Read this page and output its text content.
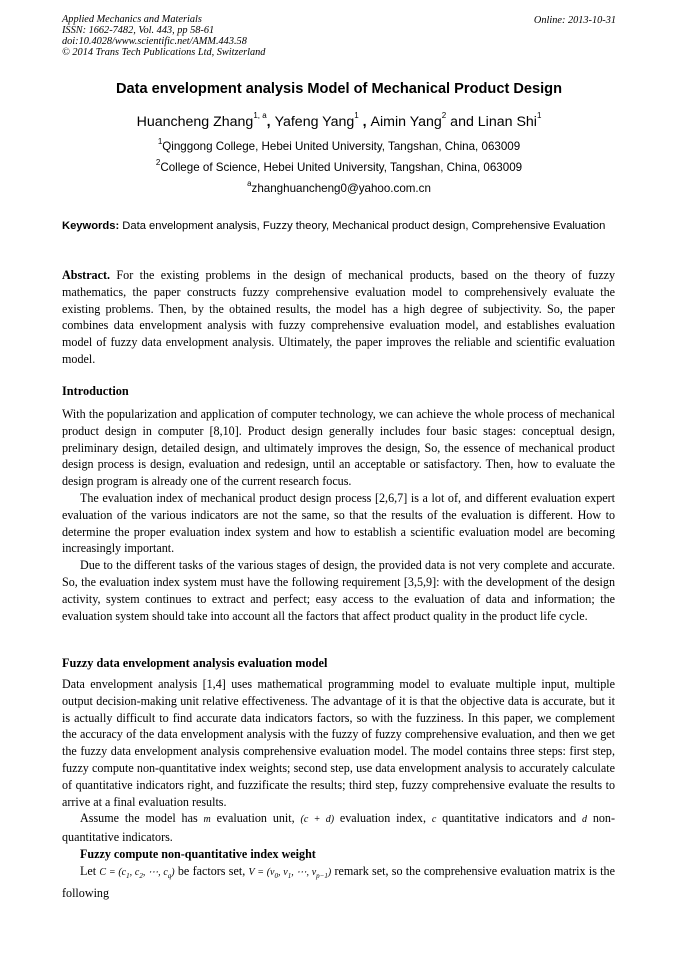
Applied Mechanics and Materials
ISSN: 1662-7482, Vol. 443, pp 58-61
doi:10.4028/www.scientific.net/AMM.443.58
© 2014 Trans Tech Publications Ltd, Switzerland
Online: 2013-10-31
Data envelopment analysis Model of Mechanical Product Design
Huancheng Zhang$^{1, a}$, Yafeng Yang$^1$ , Aimin Yang$^2$ and Linan Shi$^1$
$^1$Qinggong College, Hebei United University, Tangshan, China, 063009
$^2$College of Science, Hebei United University, Tangshan, China, 063009
$^a$zhanghuancheng0@yahoo.com.cn
Keywords: Data envelopment analysis, Fuzzy theory, Mechanical product design, Comprehensive Evaluation

Abstract. For the existing problems in the design of mechanical products, based on the theory of fuzzy mathematics, the paper constructs fuzzy comprehensive evaluation model to comprehensively evaluate the existing problems. Then, by the obtained results, the model has a high degree of subjectivity. So, the paper combines data envelopment analysis with fuzzy comprehensive evaluation model, and establishes evaluation model of fuzzy data envelopment analysis. Ultimately, the paper improves the reliable and scientific evaluation model.

Introduction

With the popularization and application of computer technology, we can achieve the whole process of mechanical product design in computer [8,10]. Product design generally includes four basic stages: conceptual design, preliminary design, detailed design, and ultimately improves the design, So, the essence of mechanical product design process is design, evaluation and redesign, until an acceptable or satisfactory. Then, how to evaluate the design program is already one of the current research focus.

The evaluation index of mechanical product design process [2,6,7] is a lot of, and different evaluation expert evaluation of the various indicators are not the same, so that the results of the evaluation is different. How to determine the proper evaluation index system and how to establish a scientific evaluation model are becoming increasingly important.

Due to the different tasks of the various stages of design, the provided data is not very complete and accurate. So, the evaluation index system must have the following requirement [3,5,9]: with the development of the design activity, system continues to extract and perfect; easy access to the evaluation of data and information; the evaluation system should take into account all the factors that affect product quality in the product life cycle.

Fuzzy data envelopment analysis evaluation model

Data envelopment analysis [1,4] uses mathematical programming model to evaluate multiple input, multiple output decision-making unit relative effectiveness. The advantage of it is that the objective data is accurate, but it is actually difficult to find accurate data indicators factors, so with the fuzziness. In this paper, we complement the accuracy of the data envelopment analysis with the fuzzy of fuzzy comprehensive evaluation, and then we get the fuzzy data envelopment analysis comprehensive evaluation model. The model contains three steps: first step, fuzzy compute non-quantitative index weights; second step, use data envelopment analysis to accurately calculate of quantitative indicators right, and fuzzificate the results; third step, fuzzy comprehensive evaluate the results to arrive at a final evaluation results.

Assume the model has m evaluation unit, (c + d) evaluation index, c quantitative indicators and d non-quantitative indicators.

Fuzzy compute non-quantitative index weight

Let $C = (c_1$, $c_2$, ⋯, $c_q$) be factors set, $V = (v_0$, $v_1$, ⋯, $v_{p-1}$) remark set, so the comprehensive evaluation matrix is the following
